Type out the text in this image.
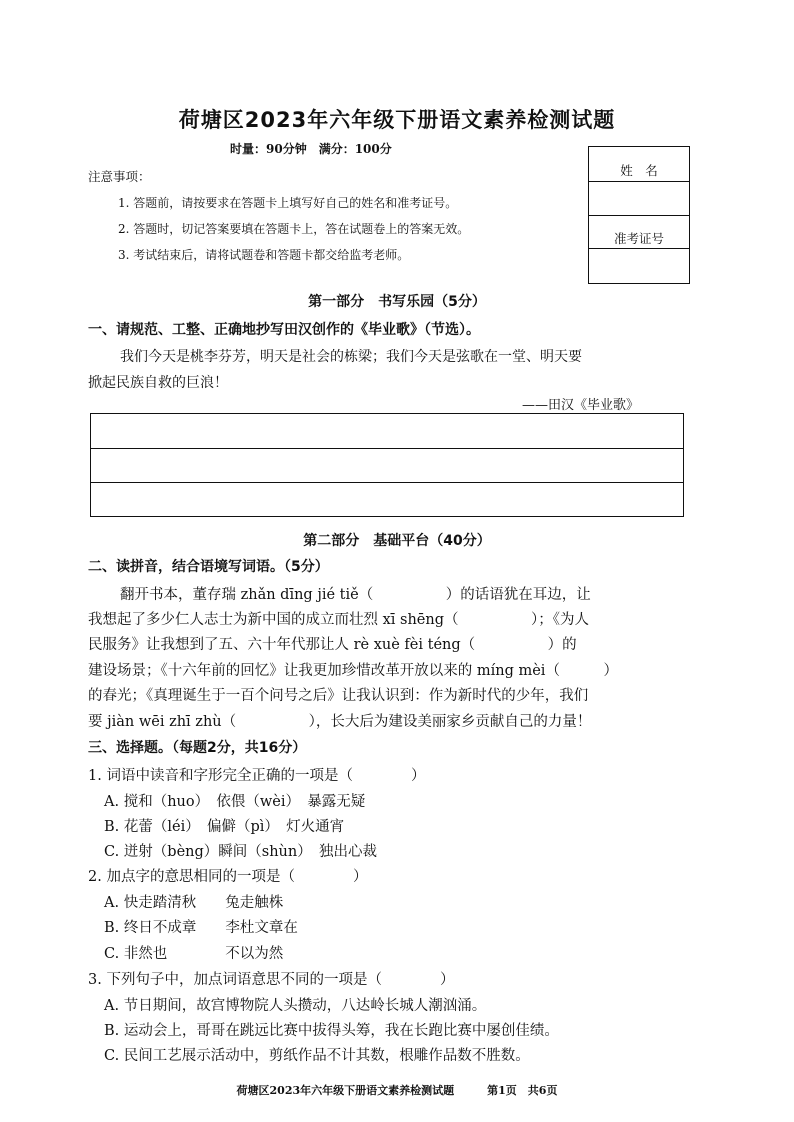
荷塘区2023年六年级下册语文素养检测试题
时量：90分钟　满分：100分
注意事项：
1. 答题前，请按要求在答题卡上填写好自己的姓名和准考证号。
2. 答题时，切记答案要填在答题卡上，答在试题卷上的答案无效。
3. 考试结束后，请将试题卷和答题卡都交给监考老师。
姓　名
准考证号
第一部分　书写乐园（5分）
一、请规范、工整、正确地抄写田汉创作的《毕业歌》（节选）。
我们今天是桃李芬芳，明天是社会的栋梁；我们今天是弦歌在一堂、明天要
掀起民族自救的巨浪！
——田汉《毕业歌》
第二部分　基础平台（40分）
二、读拼音，结合语境写词语。（5分）
翻开书本，董存瑞 zhǎn dīng jié tiě（　　　　　）的话语犹在耳边，让
我想起了多少仁人志士为新中国的成立而壮烈 xī shēng（　　　　　）；《为人
民服务》让我想到了五、六十年代那让人 rè xuè fèi téng（　　　　　）的
建设场景；《十六年前的回忆》让我更加珍惜改革开放以来的 míng mèi（　　　）
的春光；《真理诞生于一百个问号之后》让我认识到：作为新时代的少年，我们
要 jiàn wēi zhī zhù（　　　　　），长大后为建设美丽家乡贡献自己的力量！
三、选择题。（每题2分，共16分）
1. 词语中读音和字形完全正确的一项是（　　　　）
A. 搅和（huo）　依偎（wèi）　暴露无疑
B. 花蕾（léi）　偏僻（pì）　灯火通宵
C. 迸射（bèng）瞬间（shùn）　独出心裁
2. 加点字的意思相同的一项是（　　　　）
A. 快走踏清秋　　兔走触株
B. 终日不成章　　李杜文章在
C. 非然也　　　　不以为然
3. 下列句子中，加点词语意思不同的一项是（　　　　）
A. 节日期间，故宫博物院人头攒动，八达岭长城人潮汹涌。
B. 运动会上，哥哥在跳远比赛中拔得头筹，我在长跑比赛中屡创佳绩。
C. 民间工艺展示活动中，剪纸作品不计其数，根雕作品数不胜数。
荷塘区2023年六年级下册语文素养检测试题　　　第1页　共6页
